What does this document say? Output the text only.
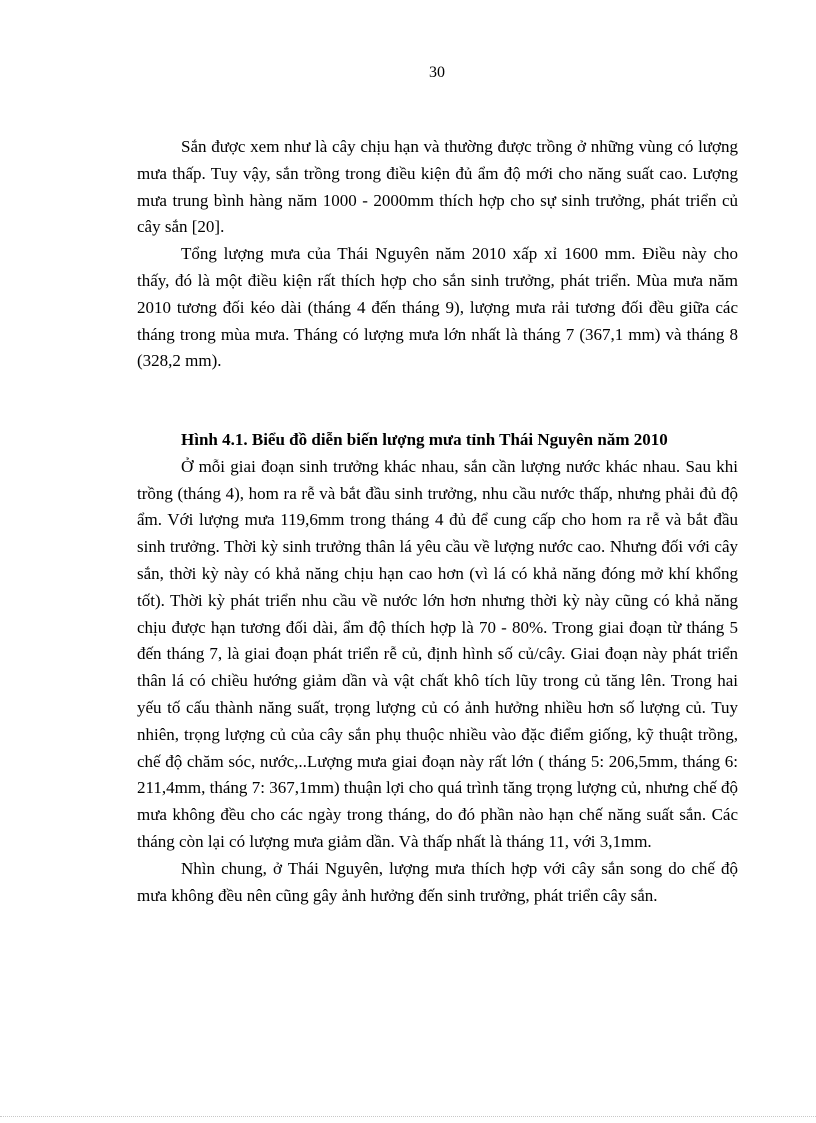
30

Sắn được xem như là cây chịu hạn và thường được trồng ở những vùng có lượng mưa thấp. Tuy vậy, sắn trồng trong điều kiện đủ ẩm độ mới cho năng suất cao. Lượng mưa trung bình hàng năm 1000 - 2000mm thích hợp cho sự sinh trưởng, phát triển củ cây sắn [20].

Tổng lượng mưa của Thái Nguyên năm 2010 xấp xỉ 1600 mm. Điều này cho thấy, đó là một điều kiện rất thích hợp cho sắn sinh trưởng, phát triển. Mùa mưa năm 2010 tương đối kéo dài (tháng 4 đến tháng 9), lượng mưa rải tương đối đều giữa các tháng trong mùa mưa. Tháng có lượng mưa lớn nhất là tháng 7 (367,1 mm) và tháng 8 (328,2 mm).

Hình 4.1. Biểu đồ diễn biến lượng mưa tỉnh Thái Nguyên năm 2010

Ở mỗi giai đoạn sinh trưởng khác nhau, sắn cần lượng nước khác nhau. Sau khi trồng (tháng 4), hom ra rễ và bắt đầu sinh trưởng, nhu cầu nước thấp, nhưng phải đủ độ ẩm. Với lượng mưa 119,6mm trong tháng 4 đủ để cung cấp cho hom ra rễ và bắt đầu sinh trưởng. Thời kỳ sinh trưởng thân lá yêu cầu về lượng nước cao. Nhưng đối với cây sắn, thời kỳ này có khả năng chịu hạn cao hơn (vì lá có khả năng đóng mở khí khổng tốt). Thời kỳ phát triển nhu cầu về nước lớn hơn nhưng thời kỳ này cũng có khả năng chịu được hạn tương đối dài, ẩm độ thích hợp là 70 - 80%. Trong giai đoạn từ tháng 5 đến tháng 7, là giai đoạn phát triển rễ củ, định hình số củ/cây. Giai đoạn này phát triển thân lá có chiều hướng giảm dần và vật chất khô tích lũy trong củ tăng lên. Trong hai yếu tố cấu thành năng suất, trọng lượng củ có ảnh hưởng nhiều hơn số lượng củ. Tuy nhiên, trọng lượng củ của cây sắn phụ thuộc nhiều vào đặc điểm giống, kỹ thuật trồng, chế độ chăm sóc, nước,..Lượng mưa giai đoạn này rất lớn ( tháng 5: 206,5mm, tháng 6: 211,4mm, tháng 7: 367,1mm) thuận lợi cho quá trình tăng trọng lượng củ, nhưng chế độ mưa không đều cho các ngày trong tháng, do đó phần nào hạn chế năng suất sắn. Các tháng còn lại có lượng mưa giảm dần. Và thấp nhất là tháng 11, với 3,1mm.

Nhìn chung, ở Thái Nguyên, lượng mưa thích hợp với cây sắn song do chế độ mưa không đều nên cũng gây ảnh hưởng đến sinh trưởng, phát triển cây sắn.
